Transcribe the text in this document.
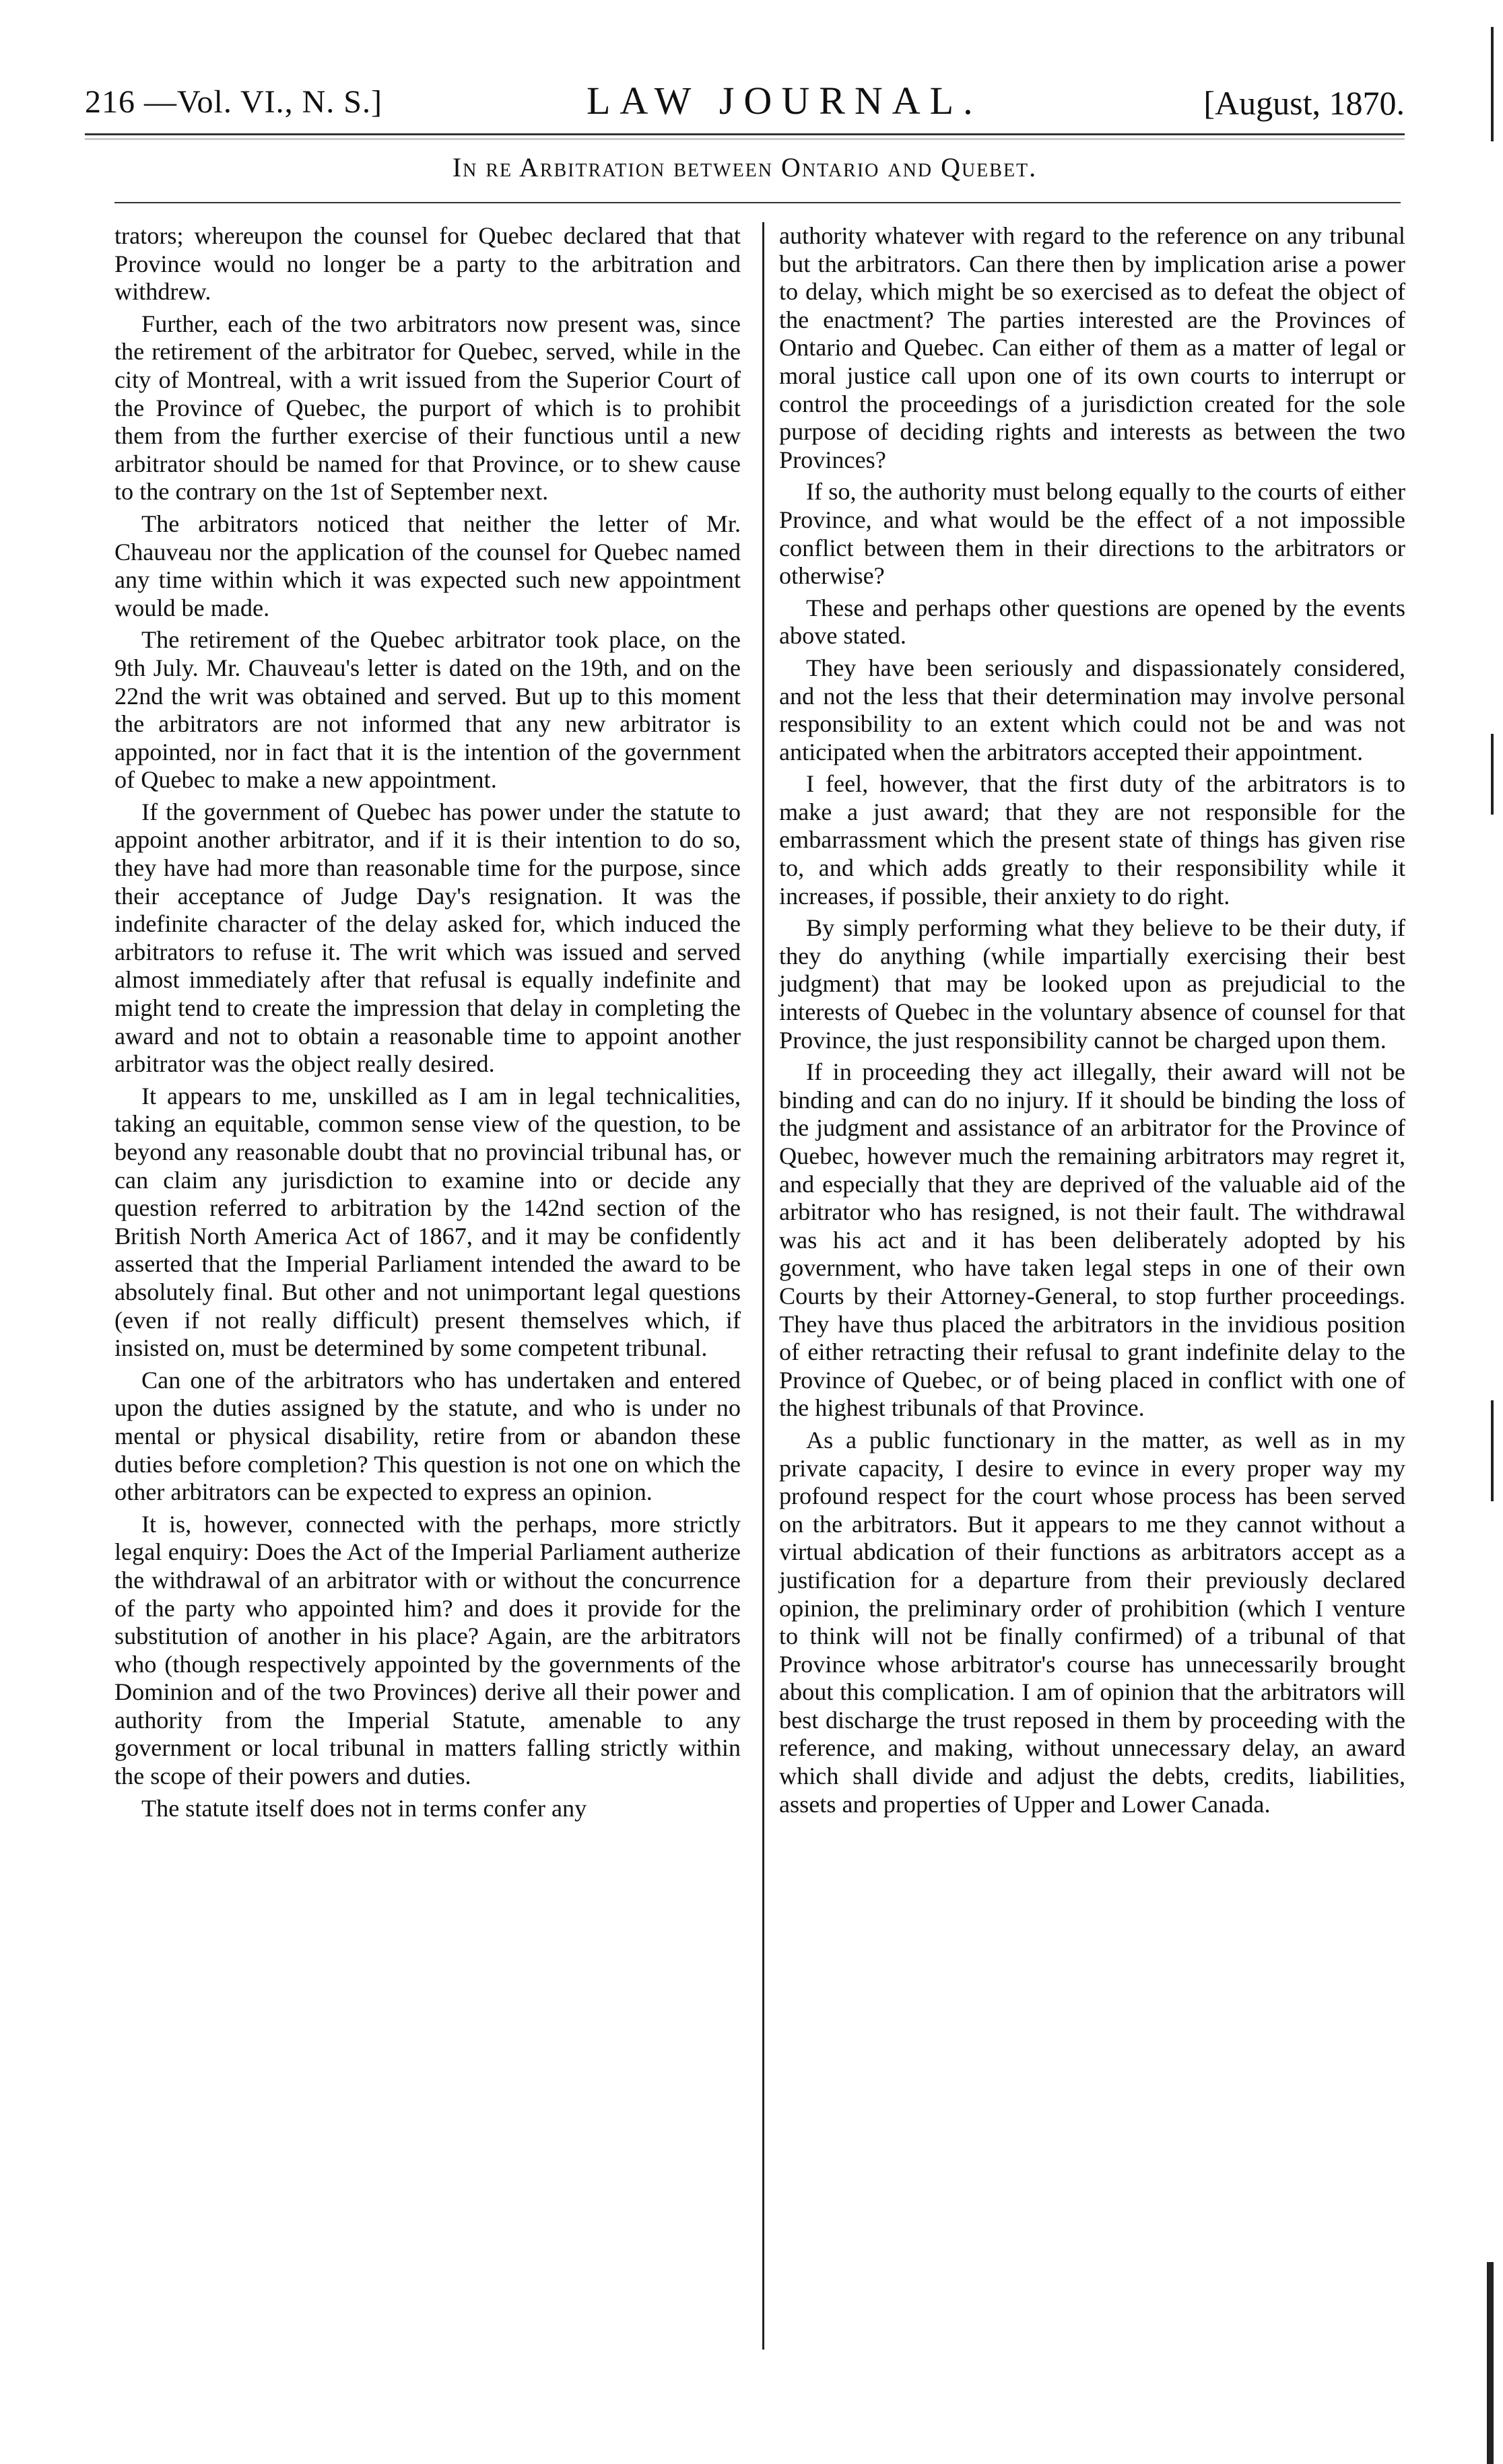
216 —Vol. VI., N. S.]	LAW JOURNAL.	[August, 1870.
In re Arbitration between Ontario and Quebet.

trators; whereupon the counsel for Quebec declared that that Province would no longer be a party to the arbitration and withdrew.

Further, each of the two arbitrators now present was, since the retirement of the arbitrator for Quebec, served, while in the city of Montreal, with a writ issued from the Superior Court of the Province of Quebec, the purport of which is to prohibit them from the further exercise of their functious until a new arbitrator should be named for that Province, or to shew cause to the contrary on the 1st of September next.

The arbitrators noticed that neither the letter of Mr. Chauveau nor the application of the counsel for Quebec named any time within which it was expected such new appointment would be made.

The retirement of the Quebec arbitrator took place, on the 9th July. Mr. Chauveau's letter is dated on the 19th, and on the 22nd the writ was obtained and served. But up to this moment the arbitrators are not informed that any new arbitrator is appointed, nor in fact that it is the intention of the government of Quebec to make a new appointment.

If the government of Quebec has power under the statute to appoint another arbitrator, and if it is their intention to do so, they have had more than reasonable time for the purpose, since their acceptance of Judge Day's resignation. It was the indefinite character of the delay asked for, which induced the arbitrators to refuse it. The writ which was issued and served almost immediately after that refusal is equally indefinite and might tend to create the impression that delay in completing the award and not to obtain a reasonable time to appoint another arbitrator was the object really desired.

It appears to me, unskilled as I am in legal technicalities, taking an equitable, common sense view of the question, to be beyond any reasonable doubt that no provincial tribunal has, or can claim any jurisdiction to examine into or decide any question referred to arbitration by the 142nd section of the British North America Act of 1867, and it may be confidently asserted that the Imperial Parliament intended the award to be absolutely final. But other and not unimportant legal questions (even if not really difficult) present themselves which, if insisted on, must be determined by some competent tribunal.

Can one of the arbitrators who has undertaken and entered upon the duties assigned by the statute, and who is under no mental or physical disability, retire from or abandon these duties before completion? This question is not one on which the other arbitrators can be expected to express an opinion.

It is, however, connected with the perhaps, more strictly legal enquiry: Does the Act of the Imperial Parliament autherize the withdrawal of an arbitrator with or without the concurrence of the party who appointed him? and does it provide for the substitution of another in his place? Again, are the arbitrators who (though respectively appointed by the governments of the Dominion and of the two Provinces) derive all their power and authority from the Imperial Statute, amenable to any government or local tribunal in matters falling strictly within the scope of their powers and duties.

The statute itself does not in terms confer any

authority whatever with regard to the reference on any tribunal but the arbitrators. Can there then by implication arise a power to delay, which might be so exercised as to defeat the object of the enactment? The parties interested are the Provinces of Ontario and Quebec. Can either of them as a matter of legal or moral justice call upon one of its own courts to interrupt or control the proceedings of a jurisdiction created for the sole purpose of deciding rights and interests as between the two Provinces?

If so, the authority must belong equally to the courts of either Province, and what would be the effect of a not impossible conflict between them in their directions to the arbitrators or otherwise?

These and perhaps other questions are opened by the events above stated.

They have been seriously and dispassionately considered, and not the less that their determination may involve personal responsibility to an extent which could not be and was not anticipated when the arbitrators accepted their appointment.

I feel, however, that the first duty of the arbitrators is to make a just award; that they are not responsible for the embarrassment which the present state of things has given rise to, and which adds greatly to their responsibility while it increases, if possible, their anxiety to do right.

By simply performing what they believe to be their duty, if they do anything (while impartially exercising their best judgment) that may be looked upon as prejudicial to the interests of Quebec in the voluntary absence of counsel for that Province, the just responsibility cannot be charged upon them.

If in proceeding they act illegally, their award will not be binding and can do no injury. If it should be binding the loss of the judgment and assistance of an arbitrator for the Province of Quebec, however much the remaining arbitrators may regret it, and especially that they are deprived of the valuable aid of the arbitrator who has resigned, is not their fault. The withdrawal was his act and it has been deliberately adopted by his government, who have taken legal steps in one of their own Courts by their Attorney-General, to stop further proceedings. They have thus placed the arbitrators in the invidious position of either retracting their refusal to grant indefinite delay to the Province of Quebec, or of being placed in conflict with one of the highest tribunals of that Province.

As a public functionary in the matter, as well as in my private capacity, I desire to evince in every proper way my profound respect for the court whose process has been served on the arbitrators. But it appears to me they cannot without a virtual abdication of their functions as arbitrators accept as a justification for a departure from their previously declared opinion, the preliminary order of prohibition (which I venture to think will not be finally confirmed) of a tribunal of that Province whose arbitrator's course has unnecessarily brought about this complication. I am of opinion that the arbitrators will best discharge the trust reposed in them by proceeding with the reference, and making, without unnecessary delay, an award which shall divide and adjust the debts, credits, liabilities, assets and properties of Upper and Lower Canada.
